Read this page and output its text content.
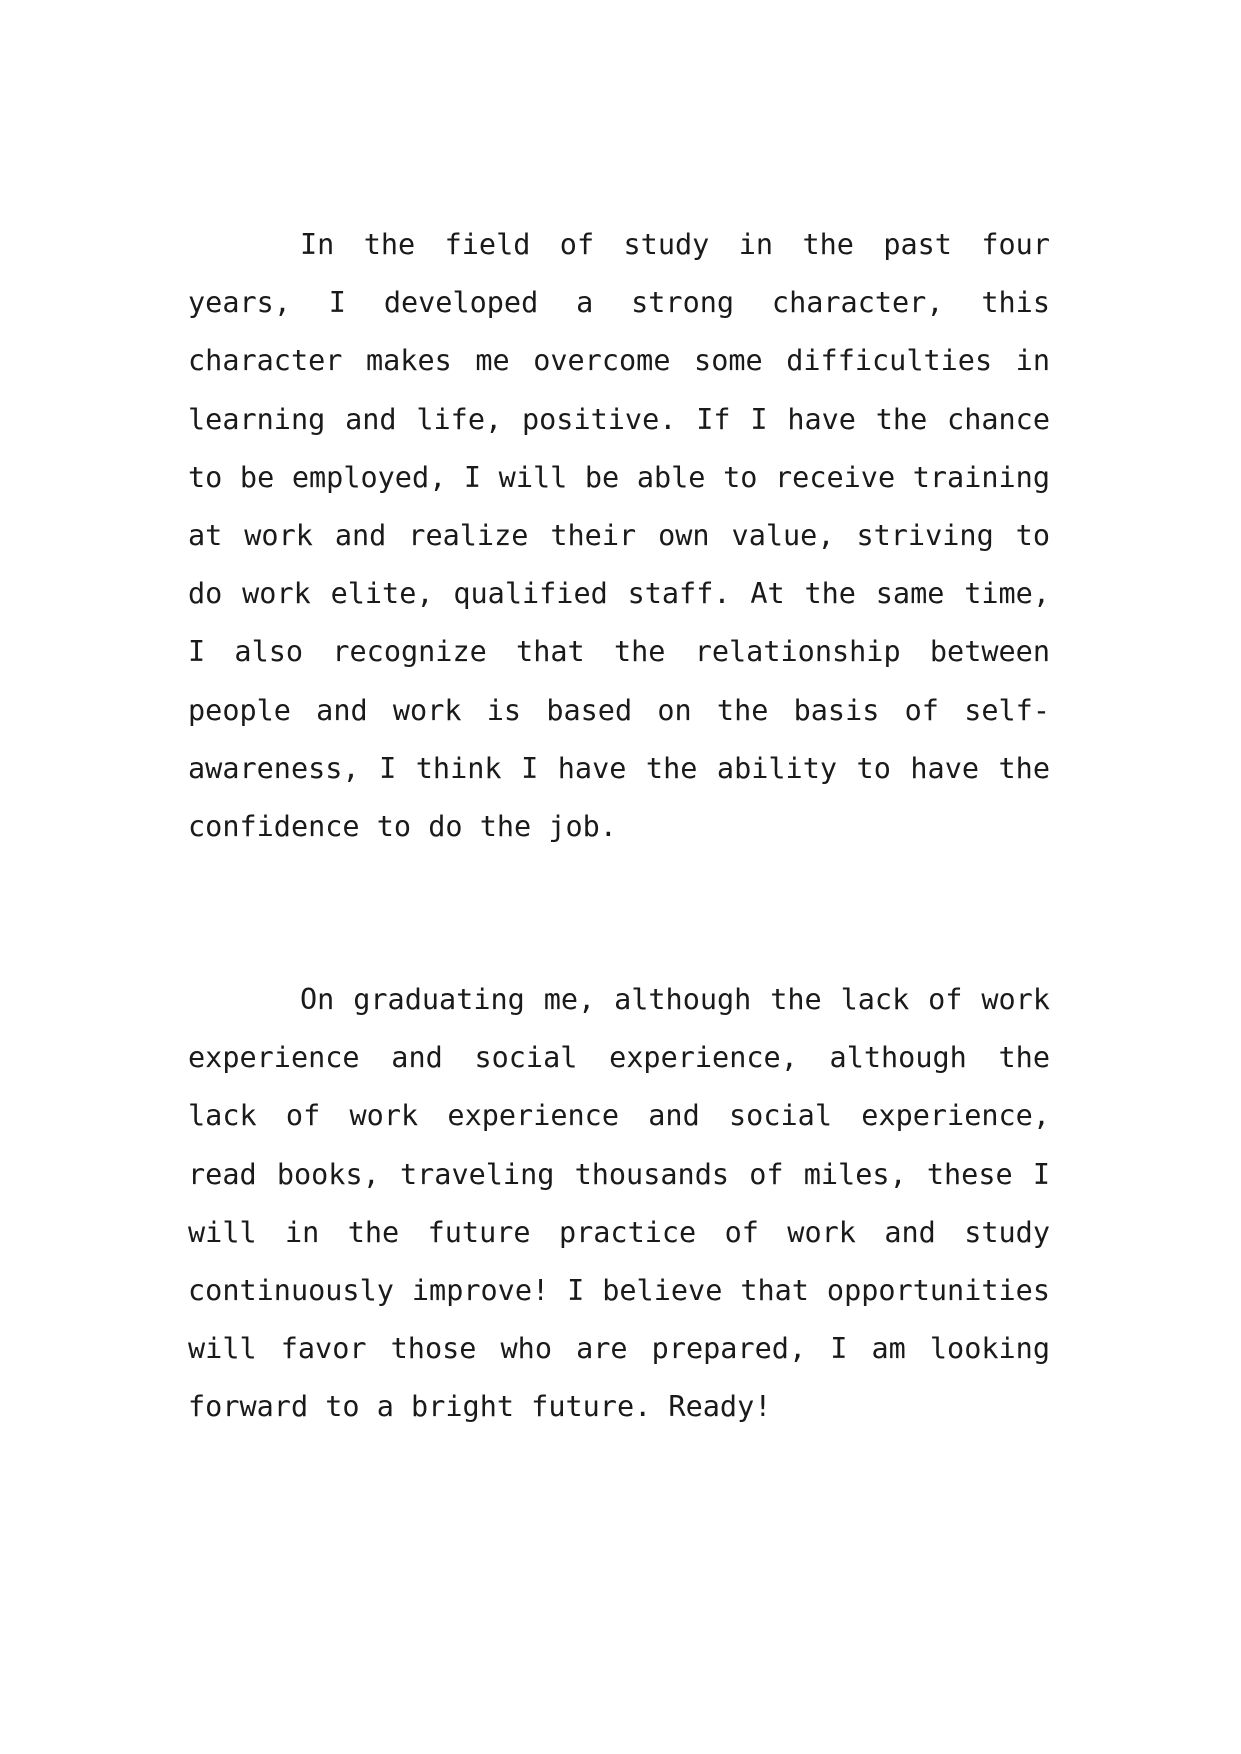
In the field of study in the past four years, I developed a strong character, this character makes me overcome some difficulties in learning and life, positive. If I have the chance to be employed, I will be able to receive training at work and realize their own value, striving to do work elite, qualified staff. At the same time, I also recognize that the relationship between people and work is based on the basis of self-awareness, I think I have the ability to have the confidence to do the job.

On graduating me, although the lack of work experience and social experience, although the lack of work experience and social experience, read books, traveling thousands of miles, these I will in the future practice of work and study continuously improve! I believe that opportunities will favor those who are prepared, I am looking forward to a bright future. Ready!
